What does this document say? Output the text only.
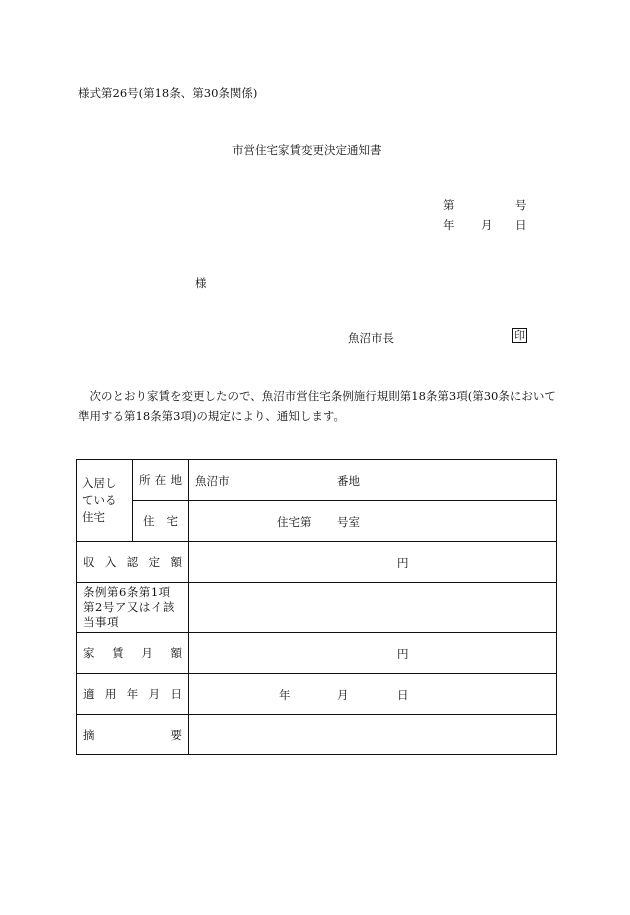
様式第26号(第18条、第30条関係)
市営住宅家賃変更決定通知書
第	号
年 月 日
様
魚沼市長	印
次のとおり家賃を変更したので、魚沼市営住宅条例施行規則第18条第3項(第30条において準用する第18条第3項)の規定により、通知します。
入居している住宅	所 在 地	魚沼市 番地

	住 宅	住宅第 号室

収 入 認 定 額		円

条例第6条第1項第2号ア又はイ該当事項		

家 賃 月 額		円

適 用 年 月 日		年 月 日

摘 要		
